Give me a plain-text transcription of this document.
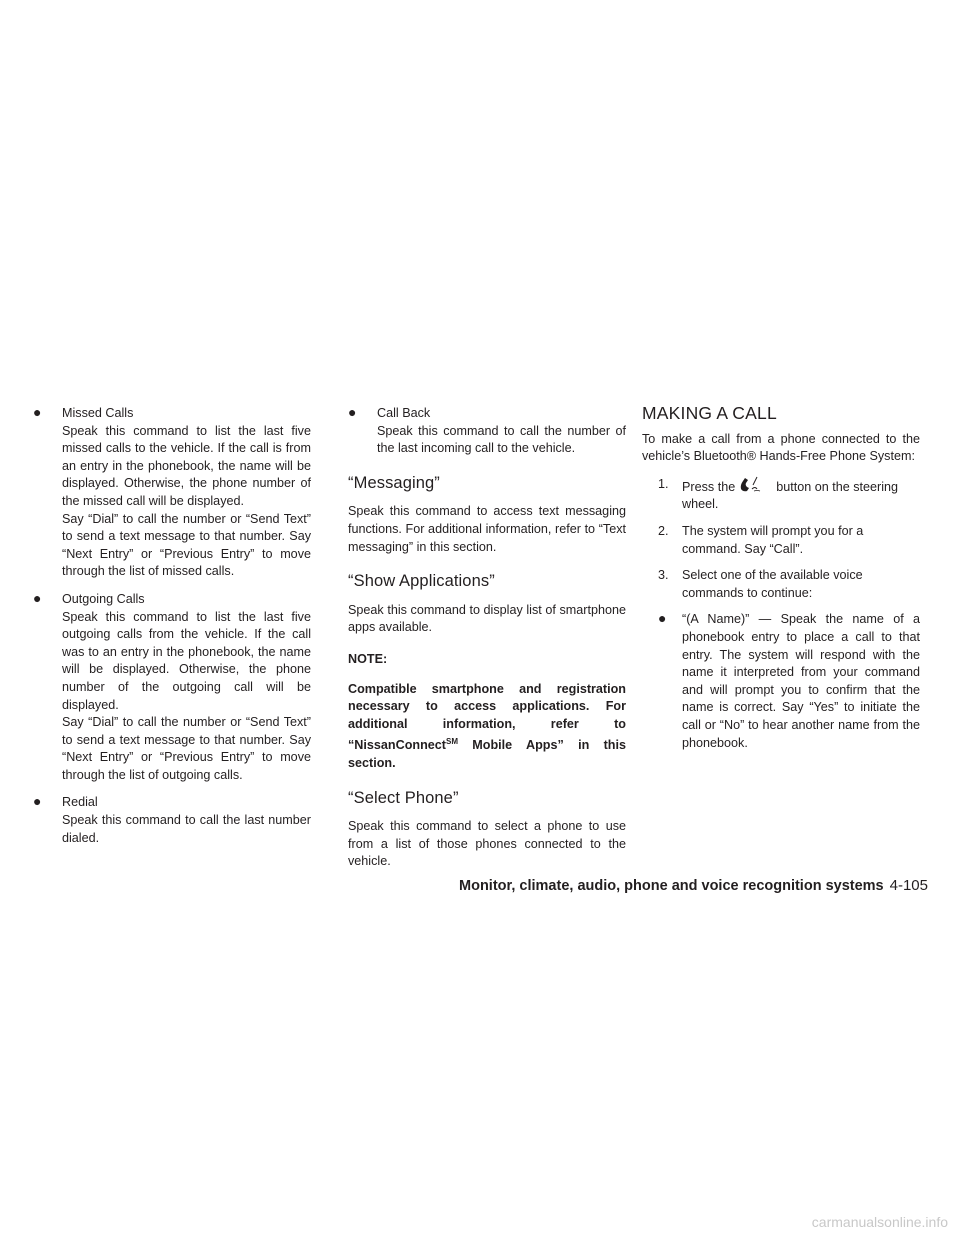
● Missed Calls
Speak this command to list the last five missed calls to the vehicle. If the call is from an entry in the phonebook, the name will be displayed. Otherwise, the phone number of the missed call will be displayed.
Say “Dial” to call the number or “Send Text” to send a text message to that number. Say “Next Entry” or “Previous Entry” to move through the list of missed calls.
● Outgoing Calls
Speak this command to list the last five outgoing calls from the vehicle. If the call was to an entry in the phonebook, the name will be displayed. Otherwise, the phone number of the outgoing call will be displayed.
Say “Dial” to call the number or “Send Text” to send a text message to that number. Say “Next Entry” or “Previous Entry” to move through the list of outgoing calls.
● Redial
Speak this command to call the last number dialed.
● Call Back
Speak this command to call the number of the last incoming call to the vehicle.
“Messaging”

Speak this command to access text messaging functions. For additional information, refer to “Text messaging” in this section.

“Show Applications”

Speak this command to display list of smartphone apps available.

NOTE:

Compatible smartphone and registration necessary to access applications. For additional information, refer to “NissanConnect℠ Mobile Apps” in this section.

“Select Phone”

Speak this command to select a phone to use from a list of those phones connected to the vehicle.

MAKING A CALL

To make a call from a phone connected to the vehicle’s Bluetooth® Hands-Free Phone System:

1. Press the	button on the steering wheel.
2. The system will prompt you for a command. Say “Call”.
3. Select one of the available voice commands to continue:
● “(A Name)” — Speak the name of a phonebook entry to place a call to that entry. The system will respond with the name it interpreted from your command and will prompt you to confirm that the name is correct. Say “Yes” to initiate the call or “No” to hear another name from the phonebook.
Monitor, climate, audio, phone and voice recognition systems 4-105
carmanualsonline.info
